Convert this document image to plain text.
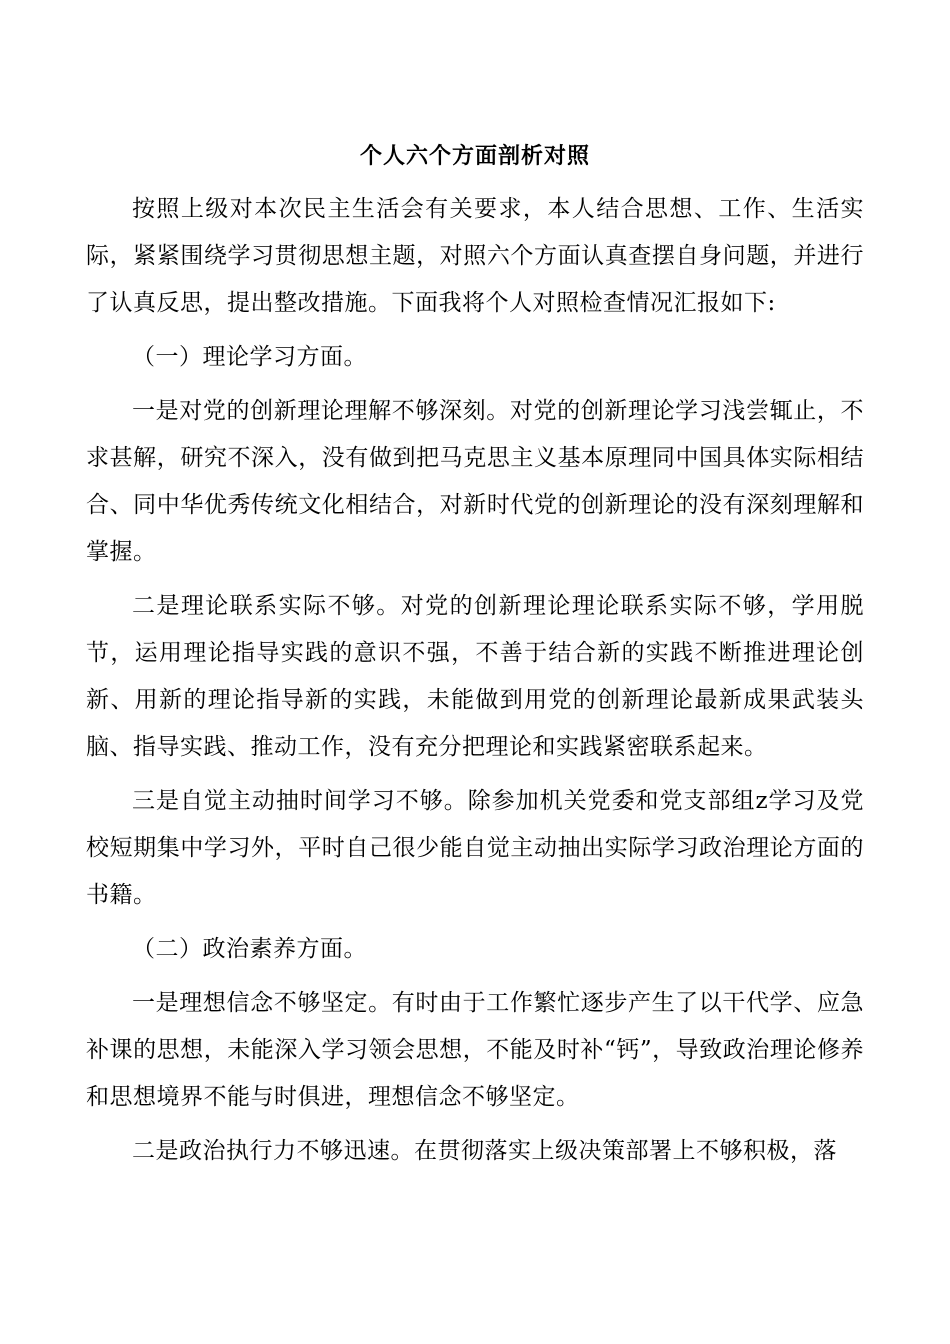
个人六个方面剖析对照

按照上级对本次民主生活会有关要求，本人结合思想、工作、生活实际，紧紧围绕学习贯彻思想主题，对照六个方面认真查摆自身问题，并进行了认真反思，提出整改措施。下面我将个人对照检查情况汇报如下:

（一）理论学习方面。

一是对党的创新理论理解不够深刻。对党的创新理论学习浅尝辄止，不求甚解，研究不深入，没有做到把马克思主义基本原理同中国具体实际相结合、同中华优秀传统文化相结合，对新时代党的创新理论的没有深刻理解和掌握。

二是理论联系实际不够。对党的创新理论理论联系实际不够，学用脱节，运用理论指导实践的意识不强，不善于结合新的实践不断推进理论创新、用新的理论指导新的实践，未能做到用党的创新理论最新成果武装头脑、指导实践、推动工作，没有充分把理论和实践紧密联系起来。

三是自觉主动抽时间学习不够。除参加机关党委和党支部组z学习及党校短期集中学习外，平时自己很少能自觉主动抽出实际学习政治理论方面的书籍。

（二）政治素养方面。

一是理想信念不够坚定。有时由于工作繁忙逐步产生了以干代学、应急补课的思想，未能深入学习领会思想，不能及时补“钙”，导致政治理论修养和思想境界不能与时俱进，理想信念不够坚定。

二是政治执行力不够迅速。在贯彻落实上级决策部署上不够积极，落
